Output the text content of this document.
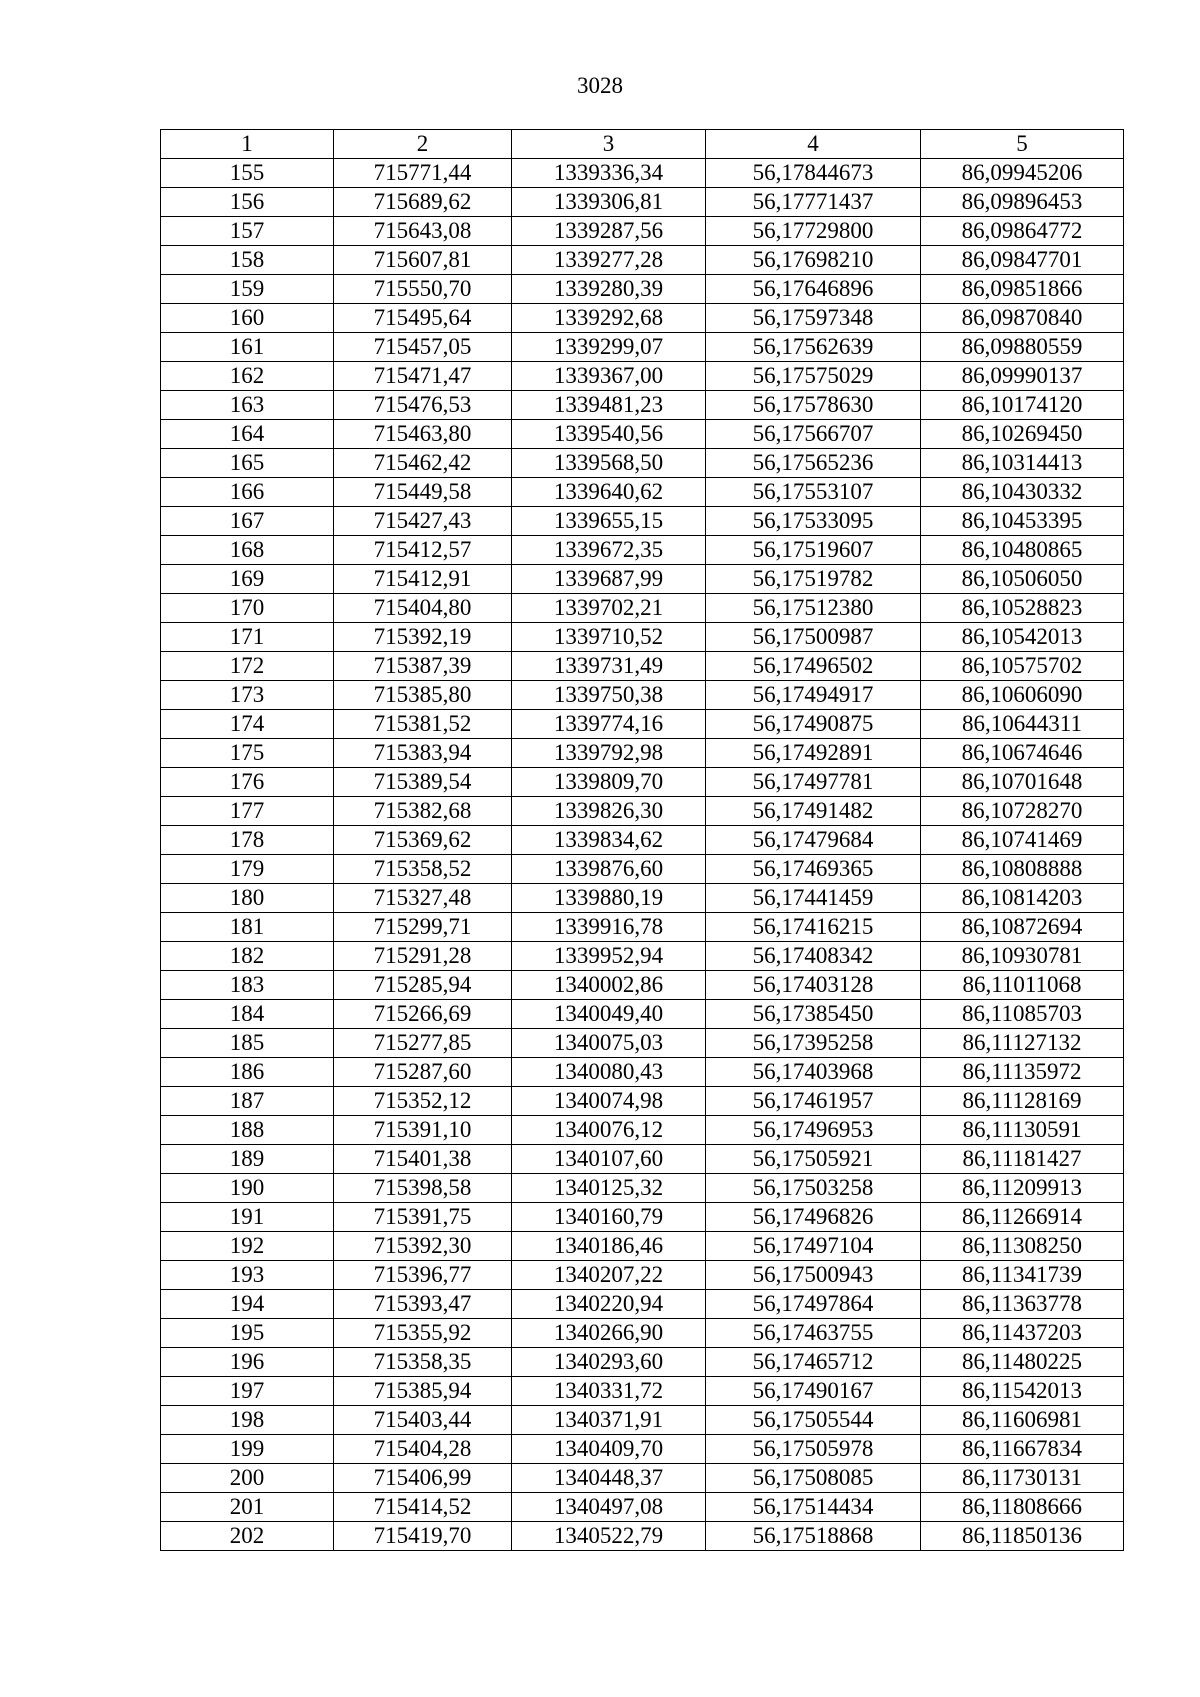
3028
1	2	3	4	5
155	715771,44	1339336,34	56,17844673	86,09945206
156	715689,62	1339306,81	56,17771437	86,09896453
157	715643,08	1339287,56	56,17729800	86,09864772
158	715607,81	1339277,28	56,17698210	86,09847701
159	715550,70	1339280,39	56,17646896	86,09851866
160	715495,64	1339292,68	56,17597348	86,09870840
161	715457,05	1339299,07	56,17562639	86,09880559
162	715471,47	1339367,00	56,17575029	86,09990137
163	715476,53	1339481,23	56,17578630	86,10174120
164	715463,80	1339540,56	56,17566707	86,10269450
165	715462,42	1339568,50	56,17565236	86,10314413
166	715449,58	1339640,62	56,17553107	86,10430332
167	715427,43	1339655,15	56,17533095	86,10453395
168	715412,57	1339672,35	56,17519607	86,10480865
169	715412,91	1339687,99	56,17519782	86,10506050
170	715404,80	1339702,21	56,17512380	86,10528823
171	715392,19	1339710,52	56,17500987	86,10542013
172	715387,39	1339731,49	56,17496502	86,10575702
173	715385,80	1339750,38	56,17494917	86,10606090
174	715381,52	1339774,16	56,17490875	86,10644311
175	715383,94	1339792,98	56,17492891	86,10674646
176	715389,54	1339809,70	56,17497781	86,10701648
177	715382,68	1339826,30	56,17491482	86,10728270
178	715369,62	1339834,62	56,17479684	86,10741469
179	715358,52	1339876,60	56,17469365	86,10808888
180	715327,48	1339880,19	56,17441459	86,10814203
181	715299,71	1339916,78	56,17416215	86,10872694
182	715291,28	1339952,94	56,17408342	86,10930781
183	715285,94	1340002,86	56,17403128	86,11011068
184	715266,69	1340049,40	56,17385450	86,11085703
185	715277,85	1340075,03	56,17395258	86,11127132
186	715287,60	1340080,43	56,17403968	86,11135972
187	715352,12	1340074,98	56,17461957	86,11128169
188	715391,10	1340076,12	56,17496953	86,11130591
189	715401,38	1340107,60	56,17505921	86,11181427
190	715398,58	1340125,32	56,17503258	86,11209913
191	715391,75	1340160,79	56,17496826	86,11266914
192	715392,30	1340186,46	56,17497104	86,11308250
193	715396,77	1340207,22	56,17500943	86,11341739
194	715393,47	1340220,94	56,17497864	86,11363778
195	715355,92	1340266,90	56,17463755	86,11437203
196	715358,35	1340293,60	56,17465712	86,11480225
197	715385,94	1340331,72	56,17490167	86,11542013
198	715403,44	1340371,91	56,17505544	86,11606981
199	715404,28	1340409,70	56,17505978	86,11667834
200	715406,99	1340448,37	56,17508085	86,11730131
201	715414,52	1340497,08	56,17514434	86,11808666
202	715419,70	1340522,79	56,17518868	86,11850136
